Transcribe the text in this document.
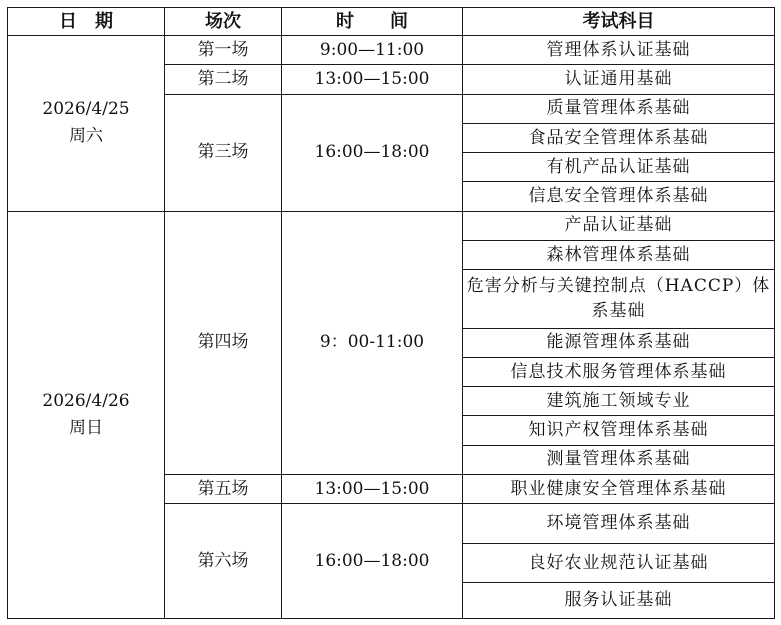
日期	场次	时间	考试科目

2026/4/25
周六	第一场	9:00—11:00	管理体系认证基础
	第二场	13:00—15:00	认证通用基础
	第三场	16:00—18:00	质量管理体系基础
			食品安全管理体系基础
			有机产品认证基础
			信息安全管理体系基础

2026/4/26
周日	第四场	9：00-11:00	产品认证基础
			森林管理体系基础
			危害分析与关键控制点（HACCP）体系基础
			能源管理体系基础
			信息技术服务管理体系基础
			建筑施工领域专业
			知识产权管理体系基础
			测量管理体系基础
	第五场	13:00—15:00	职业健康安全管理体系基础
	第六场	16:00—18:00	环境管理体系基础
			良好农业规范认证基础
			服务认证基础
